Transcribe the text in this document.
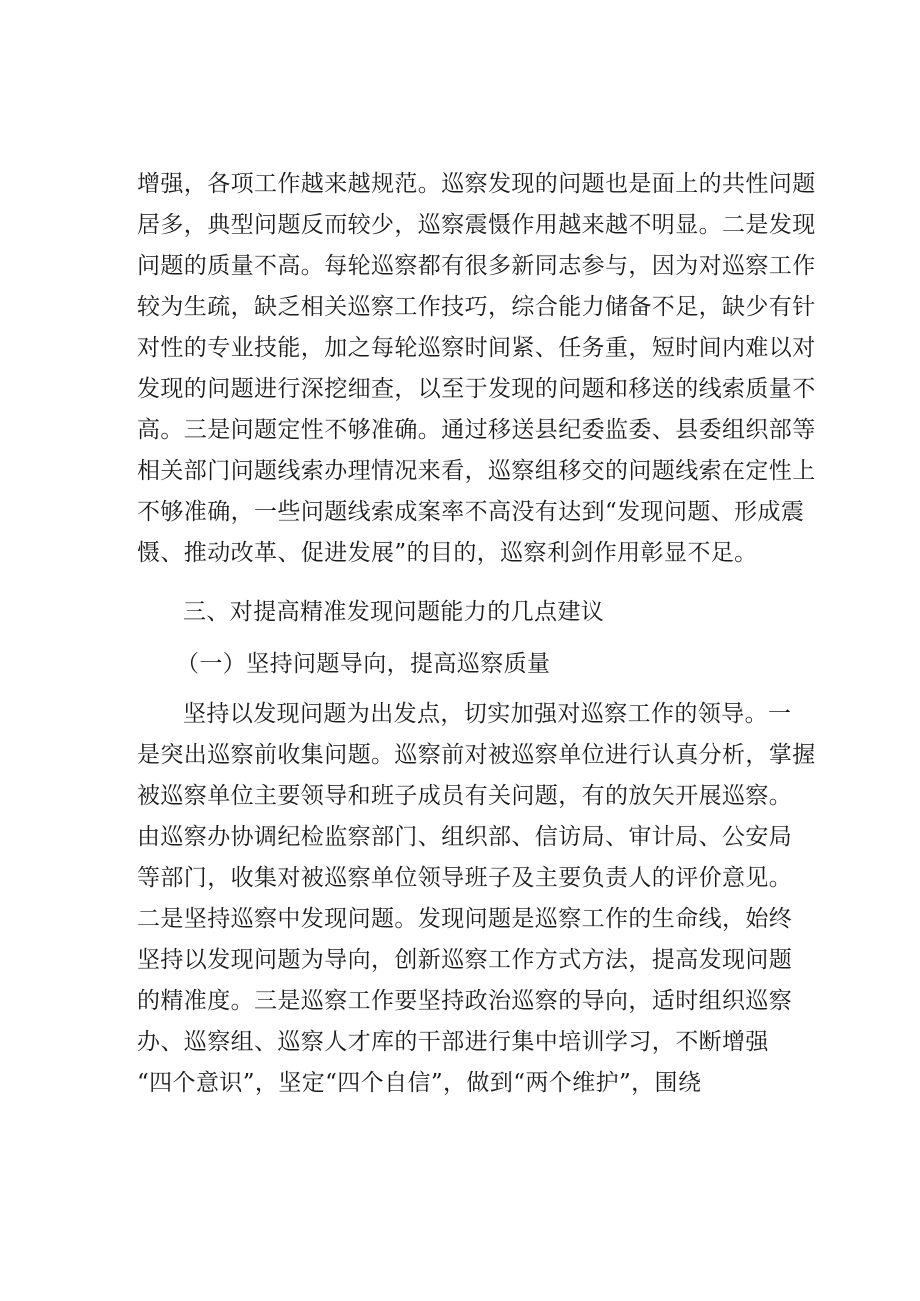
增强，各项工作越来越规范。巡察发现的问题也是面上的共性问题
居多，典型问题反而较少，巡察震慑作用越来越不明显。二是发现
问题的质量不高。每轮巡察都有很多新同志参与，因为对巡察工作
较为生疏，缺乏相关巡察工作技巧，综合能力储备不足，缺少有针
对性的专业技能，加之每轮巡察时间紧、任务重，短时间内难以对
发现的问题进行深挖细查，以至于发现的问题和移送的线索质量不
高。三是问题定性不够准确。通过移送县纪委监委、县委组织部等
相关部门问题线索办理情况来看，巡察组移交的问题线索在定性上
不够准确，一些问题线索成案率不高没有达到“发现问题、形成震
慑、推动改革、促进发展”的目的，巡察利剑作用彰显不足。
三、对提高精准发现问题能力的几点建议
（一）坚持问题导向，提高巡察质量
坚持以发现问题为出发点，切实加强对巡察工作的领导。一
是突出巡察前收集问题。巡察前对被巡察单位进行认真分析，掌握
被巡察单位主要领导和班子成员有关问题，有的放矢开展巡察。
由巡察办协调纪检监察部门、组织部、信访局、审计局、公安局
等部门，收集对被巡察单位领导班子及主要负责人的评价意见。
二是坚持巡察中发现问题。发现问题是巡察工作的生命线，始终
坚持以发现问题为导向，创新巡察工作方式方法，提高发现问题
的精准度。三是巡察工作要坚持政治巡察的导向，适时组织巡察
办、巡察组、巡察人才库的干部进行集中培训学习，不断增强
“四个意识”，坚定“四个自信”，做到“两个维护”，围绕
